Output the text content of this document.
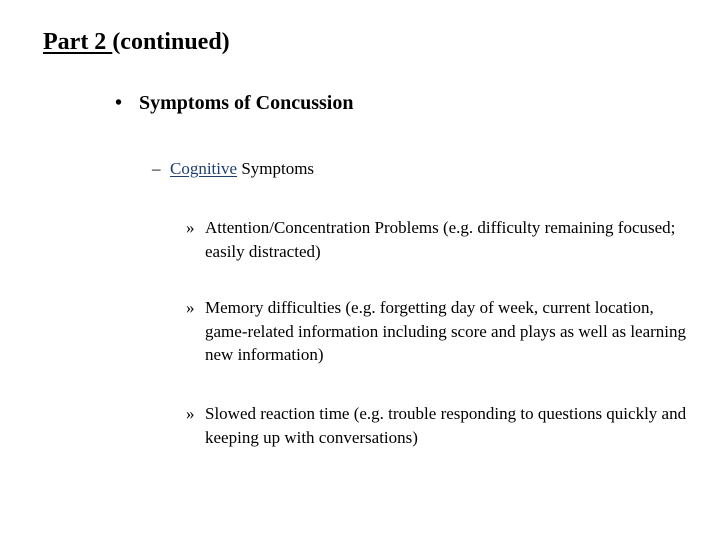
Part 2 (continued)
• Symptoms of Concussion
– Cognitive Symptoms
» Attention/Concentration Problems (e.g. difficulty remaining focused; easily distracted)
» Memory difficulties (e.g. forgetting day of week, current location, game-related information including score and plays as well as learning new information)
» Slowed reaction time (e.g. trouble responding to questions quickly and keeping up with conversations)
